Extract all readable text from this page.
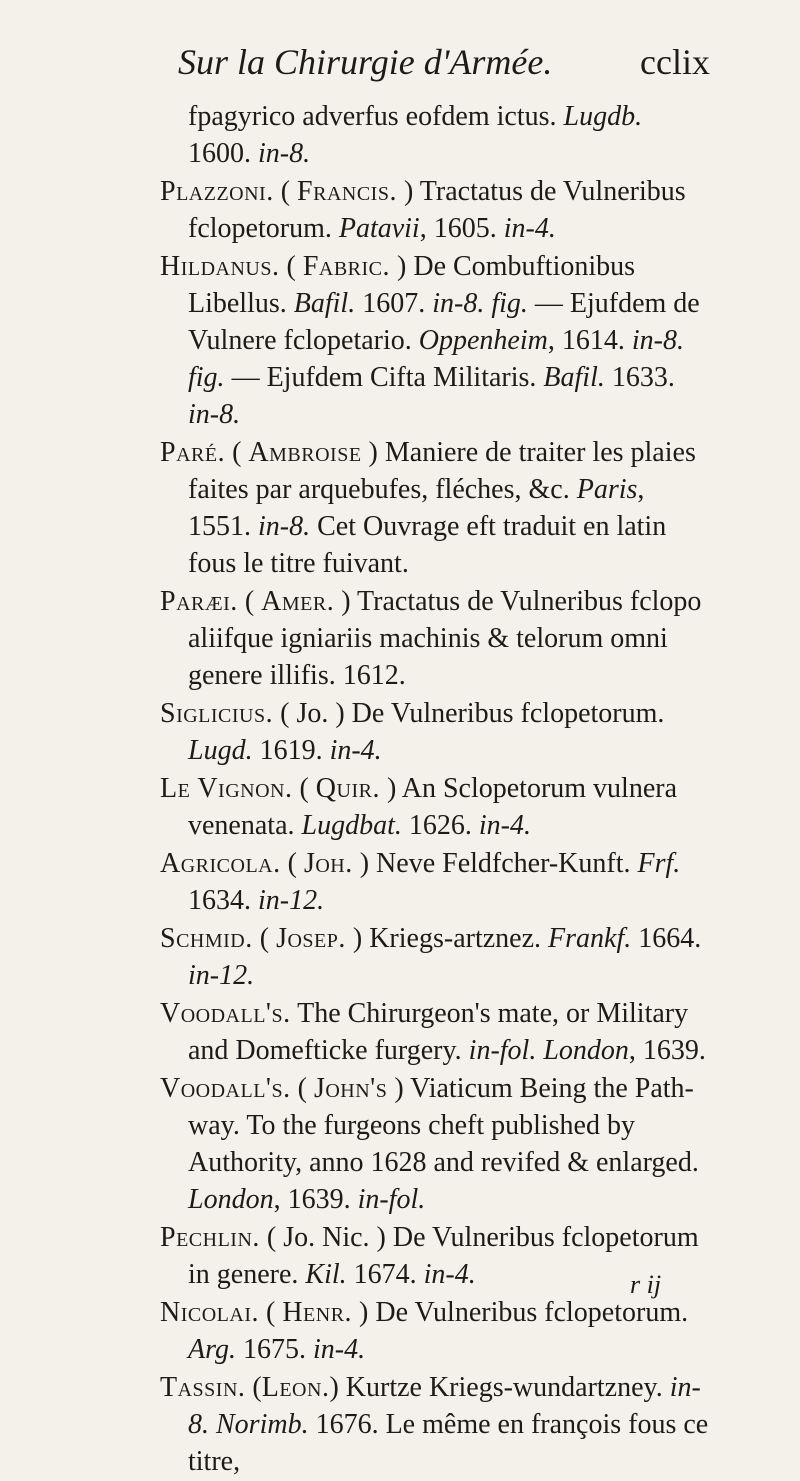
Sur la Chirurgie d'Armée. cclix

fpagyrico adverfus eofdem ictus. Lugdb. 1600. in-8.

Plazzoni. ( Francis. ) Tractatus de Vulneribus fclopetorum. Patavii, 1605. in-4.

Hildanus. ( Fabric. ) De Combuftionibus Libellus. Bafil. 1607. in-8. fig. — Ejufdem de Vulnere fclopetario. Oppenheim, 1614. in-8. fig. — Ejufdem Cifta Militaris. Bafil. 1633. in-8.

Paré. ( Ambroise ) Maniere de traiter les plaies faites par arquebufes, fléches, &c. Paris, 1551. in-8. Cet Ouvrage eft traduit en latin fous le titre fuivant.

Paræi. ( Amer. ) Tractatus de Vulneribus fclopo aliifque igniariis machinis & telorum omni genere illifis. 1612.

Siglicius. ( Jo. ) De Vulneribus fclopetorum. Lugd. 1619. in-4.

Le Vignon. ( Quir. ) An Sclopetorum vulnera venenata. Lugdbat. 1626. in-4.

Agricola. ( Joh. ) Neve Feldfcher-Kunft. Frf. 1634. in-12.

Schmid. ( Josep. ) Kriegs-artznez. Frankf. 1664. in-12.

Voodall's. The Chirurgeon's mate, or Military and Domefticke furgery. in-fol. London, 1639.

Voodall's. ( John's ) Viaticum Being the Path-way. To the furgeons cheft published by Authority, anno 1628 and revifed & enlarged. London, 1639. in-fol.

Pechlin. ( Jo. Nic. ) De Vulneribus fclopetorum in genere. Kil. 1674. in-4.

Nicolai. ( Henr. ) De Vulneribus fclopetorum. Arg. 1675. in-4.

Tassin. (Leon.) Kurtze Kriegs-wundartzney. in-8. Norimb. 1676. Le même en françois fous ce titre,

r ij
